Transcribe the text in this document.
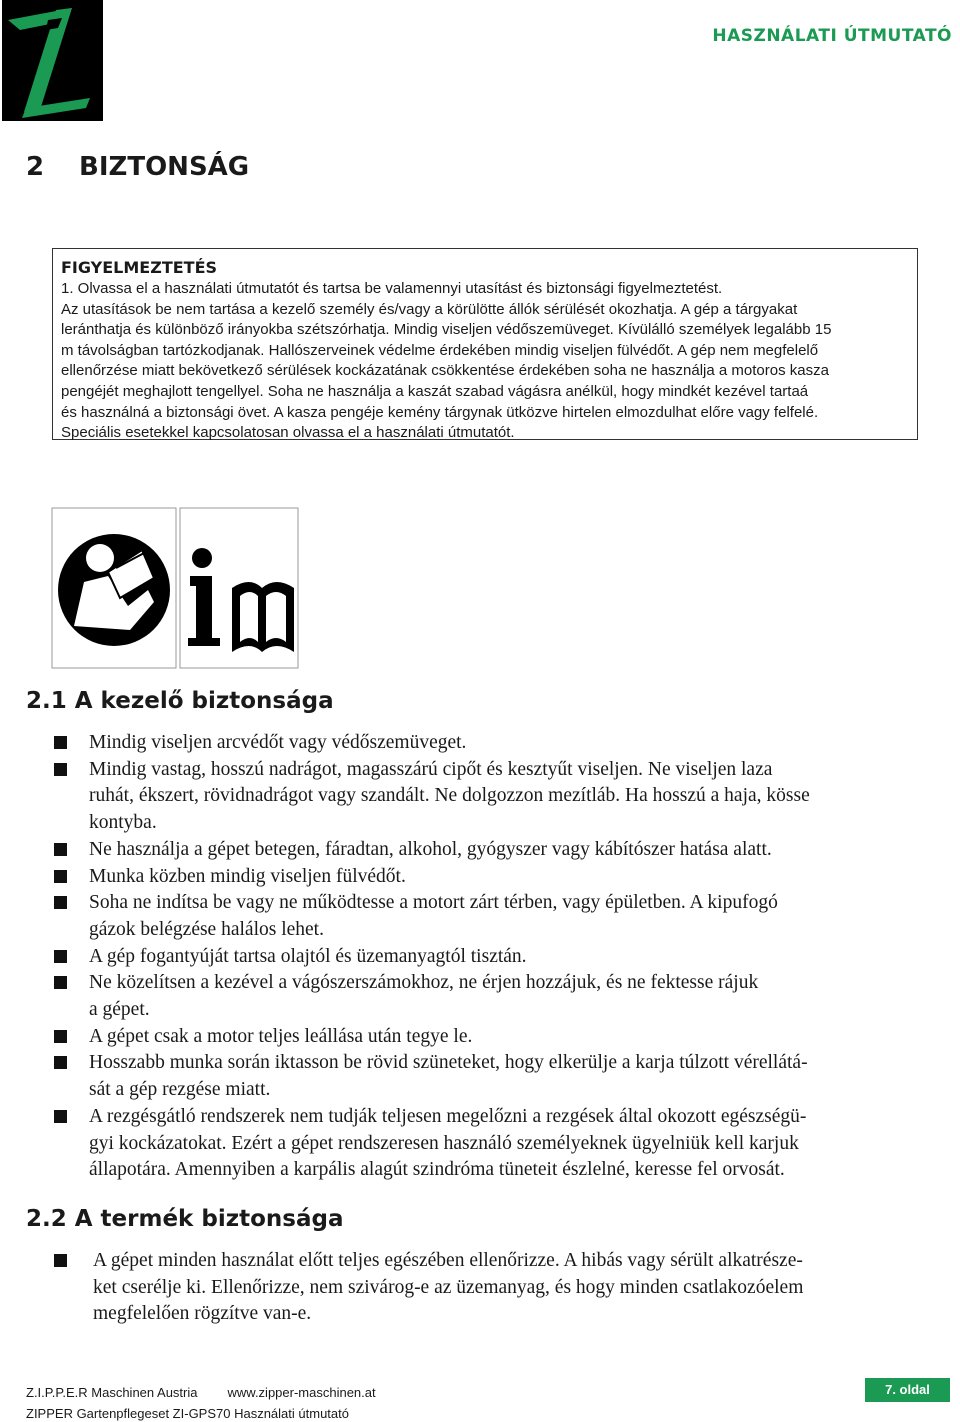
HASZNÁLATI ÚTMUTATÓ
2 BIZTONSÁG
FIGYELMEZTETÉS

1. Olvassa el a használati útmutatót és tartsa be valamennyi utasítást és biztonsági figyelmeztetést.
Az utasítások be nem tartása a kezelő személy és/vagy a körülötte állók sérülését okozhatja. A gép a tárgyakat
leránthatja és különböző irányokba szétszórhatja. Mindig viseljen védőszemüveget. Kívülálló személyek legalább 15
m távolságban tartózkodjanak. Hallószerveinek védelme érdekében mindig viseljen fülvédőt. A gép nem megfelelő
ellenőrzése miatt bekövetkező sérülések kockázatának csökkentése érdekében soha ne használja a motoros kasza
pengéjét meghajlott tengellyel. Soha ne használja a kaszát szabad vágásra anélkül, hogy mindkét kezével tartaá
és használná a biztonsági övet. A kasza pengéje kemény tárgynak ütközve hirtelen elmozdulhat előre vagy felfelé.
Speciális esetekkel kapcsolatosan olvassa el a használati útmutatót.

2.1 A kezelő biztonsága
Mindig viseljen arcvédőt vagy védőszemüveget.
Mindig vastag, hosszú nadrágot, magasszárú cipőt és kesztyűt viseljen. Ne viseljen laza
ruhát, ékszert, rövidnadrágot vagy szandált. Ne dolgozzon mezítláb. Ha hosszú a haja, kösse
kontyba.
Ne használja a gépet betegen, fáradtan, alkohol, gyógyszer vagy kábítószer hatása alatt.
Munka közben mindig viseljen fülvédőt.
Soha ne indítsa be vagy ne működtesse a motort zárt térben, vagy épületben. A kipufogó
gázok belégzése halálos lehet.
A gép fogantyúját tartsa olajtól és üzemanyagtól tisztán.
Ne közelítsen a kezével a vágószerszámokhoz, ne érjen hozzájuk, és ne fektesse rájuk
a gépet.
A gépet csak a motor teljes leállása után tegye le.
Hosszabb munka során iktasson be rövid szüneteket, hogy elkerülje a karja túlzott vérellátá-
sát a gép rezgése miatt.
A rezgésgátló rendszerek nem tudják teljesen megelőzni a rezgések által okozott egészségü-
gyi kockázatokat. Ezért a gépet rendszeresen használó személyeknek ügyelniük kell karjuk
állapotára. Amennyiben a karpális alagút szindróma tüneteit észlelné, keresse fel orvosát.
2.2 A termék biztonsága
A gépet minden használat előtt teljes egészében ellenőrizze. A hibás vagy sérült alkatrésze-
ket cserélje ki. Ellenőrizze, nem szivárog-e az üzemanyag, és hogy minden csatlakozóelem
megfelelően rögzítve van-e.
Z.I.P.P.E.R Maschinen Austria www.zipper-maschinen.at
ZIPPER Gartenpflegeset ZI-GPS70 Használati útmutató
7. oldal
